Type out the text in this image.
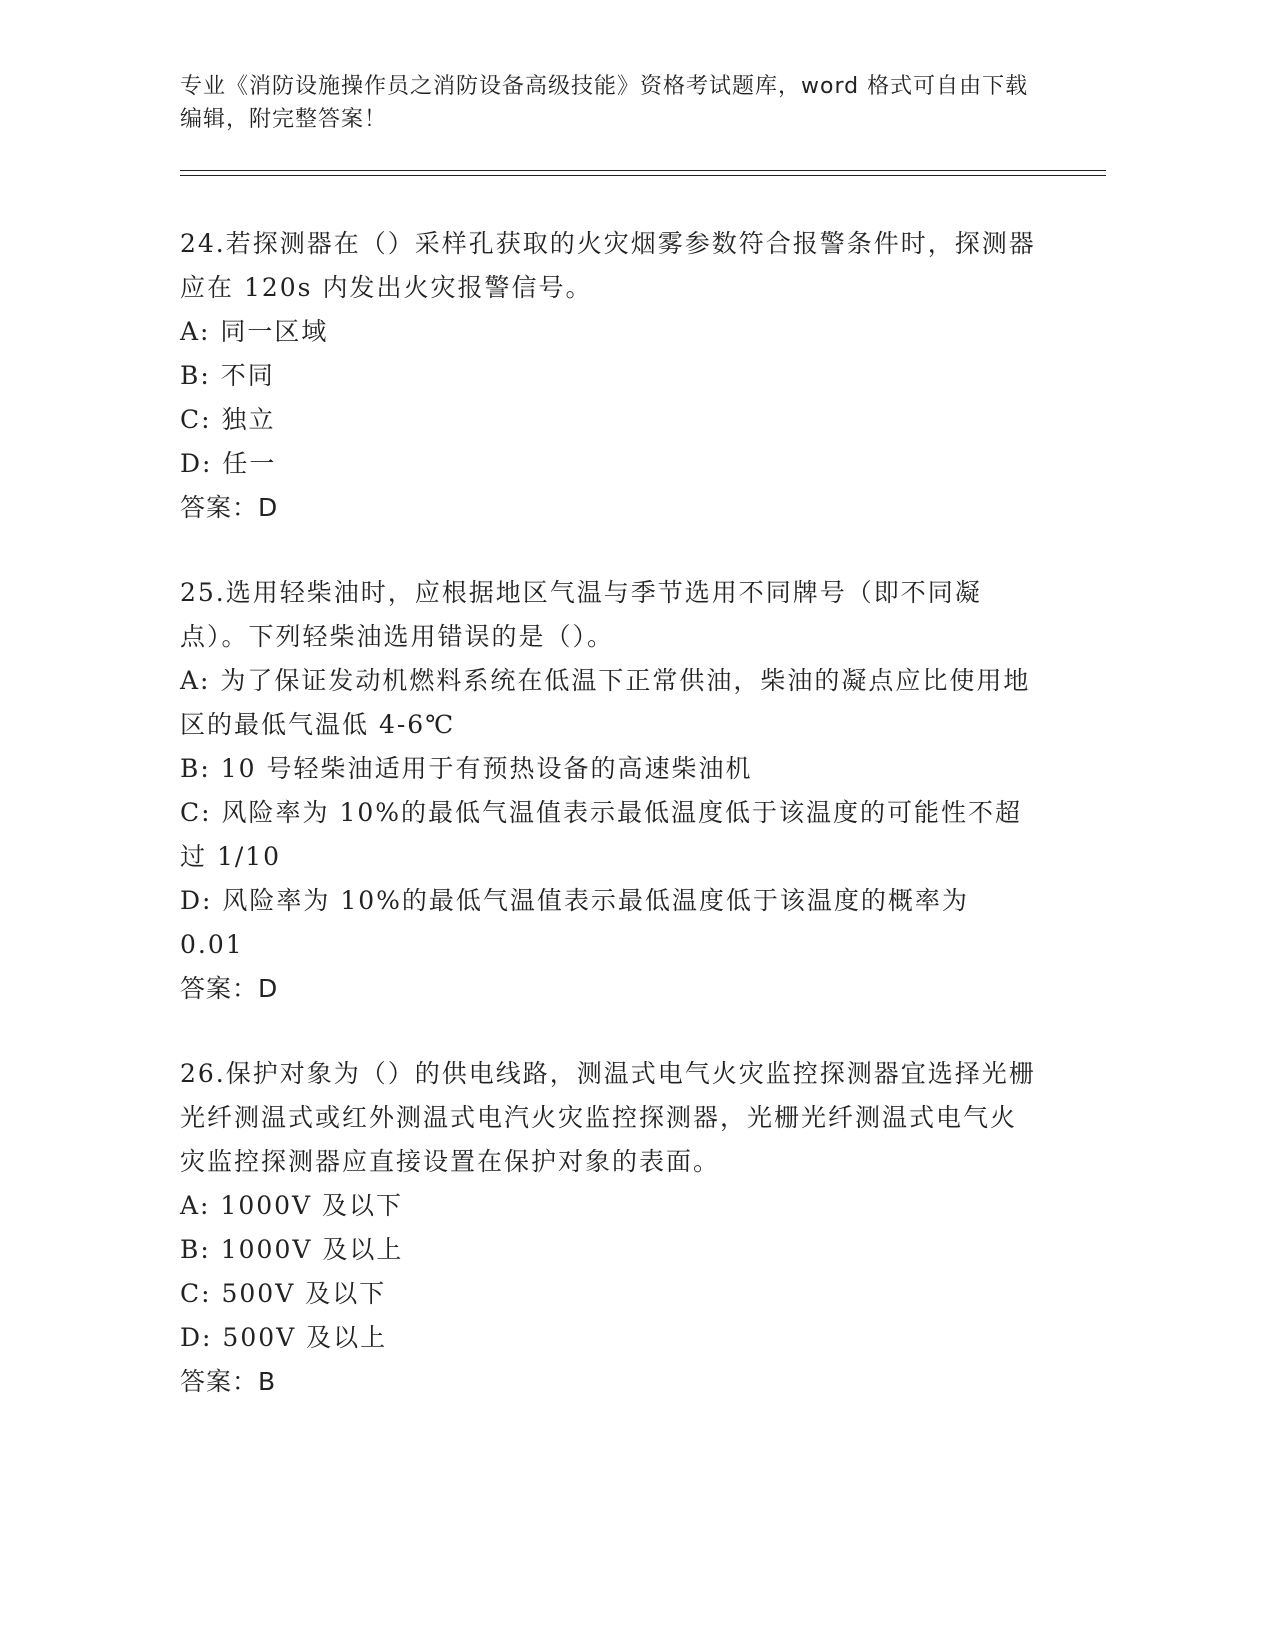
专业《消防设施操作员之消防设备高级技能》资格考试题库，word 格式可自由下载编辑，附完整答案！
24.若探测器在（）采样孔获取的火灾烟雾参数符合报警条件时，探测器应在 120s 内发出火灾报警信号。
A: 同一区域
B: 不同
C: 独立
D: 任一
答案：D
25.选用轻柴油时，应根据地区气温与季节选用不同牌号（即不同凝点）。下列轻柴油选用错误的是（）。
A: 为了保证发动机燃料系统在低温下正常供油，柴油的凝点应比使用地区的最低气温低 4-6℃
B: 10 号轻柴油适用于有预热设备的高速柴油机
C: 风险率为 10%的最低气温值表示最低温度低于该温度的可能性不超过 1/10
D: 风险率为 10%的最低气温值表示最低温度低于该温度的概率为 0.01
答案：D
26.保护对象为（）的供电线路，测温式电气火灾监控探测器宜选择光栅光纤测温式或红外测温式电汽火灾监控探测器，光栅光纤测温式电气火灾监控探测器应直接设置在保护对象的表面。
A: 1000V 及以下
B: 1000V 及以上
C: 500V 及以下
D: 500V 及以上
答案：B
